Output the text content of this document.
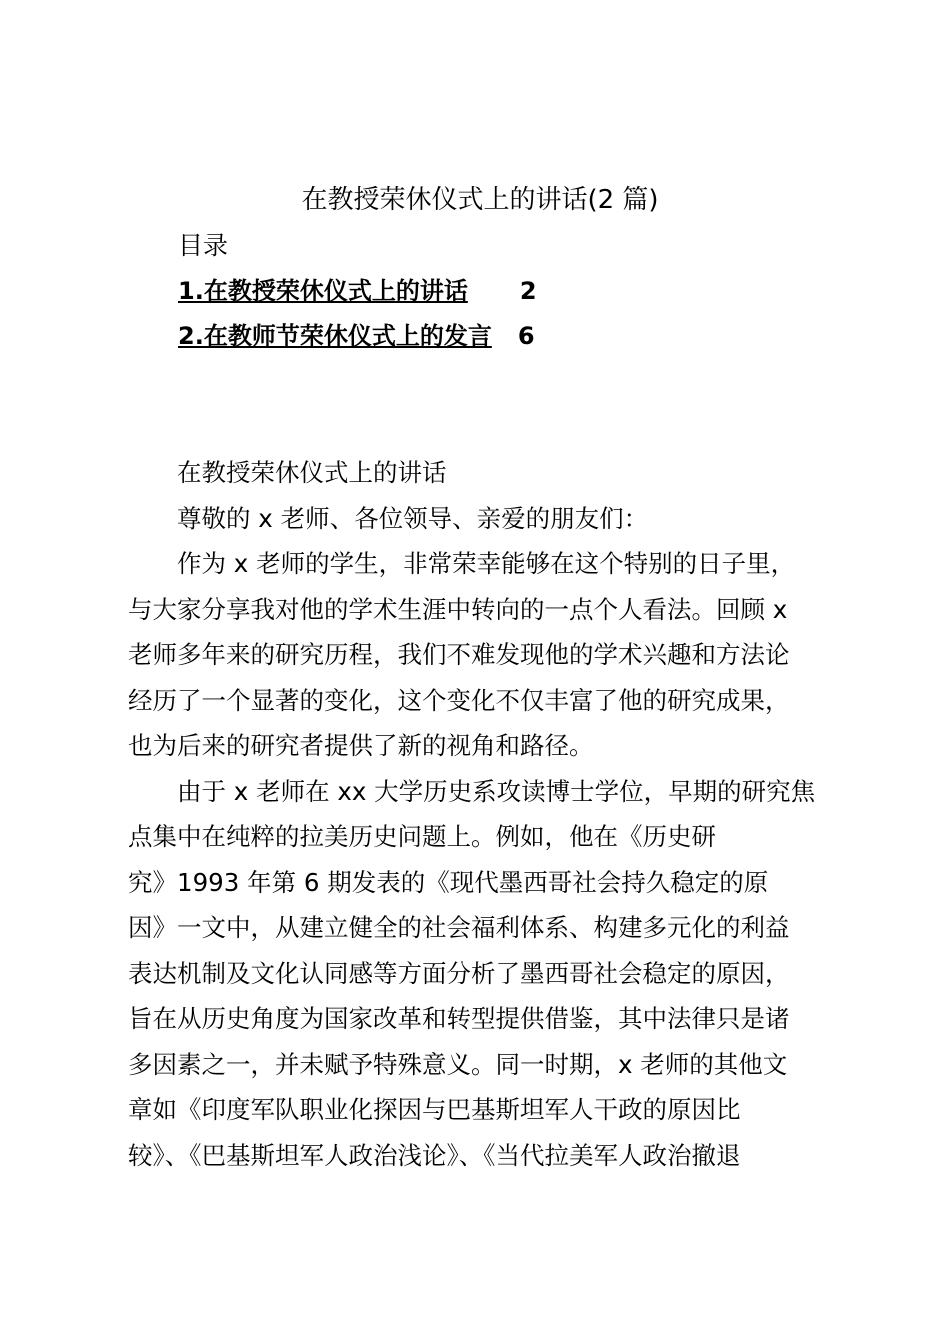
在教授荣休仪式上的讲话(2 篇)
目录
1.在教授荣休仪式上的讲话 2
2.在教师节荣休仪式上的发言 6

在教授荣休仪式上的讲话

尊敬的 x 老师、各位领导、亲爱的朋友们：

作为 x 老师的学生，非常荣幸能够在这个特别的日子里，
与大家分享我对他的学术生涯中转向的一点个人看法。回顾 x
老师多年来的研究历程，我们不难发现他的学术兴趣和方法论
经历了一个显著的变化，这个变化不仅丰富了他的研究成果，
也为后来的研究者提供了新的视角和路径。

由于 x 老师在 xx 大学历史系攻读博士学位，早期的研究焦
点集中在纯粹的拉美历史问题上。例如，他在《历史研
究》1993 年第 6 期发表的《现代墨西哥社会持久稳定的原
因》一文中，从建立健全的社会福利体系、构建多元化的利益
表达机制及文化认同感等方面分析了墨西哥社会稳定的原因，
旨在从历史角度为国家改革和转型提供借鉴，其中法律只是诸
多因素之一，并未赋予特殊意义。同一时期，x 老师的其他文
章如《印度军队职业化探因与巴基斯坦军人干政的原因比
较》、《巴基斯坦军人政治浅论》、《当代拉美军人政治撤退
